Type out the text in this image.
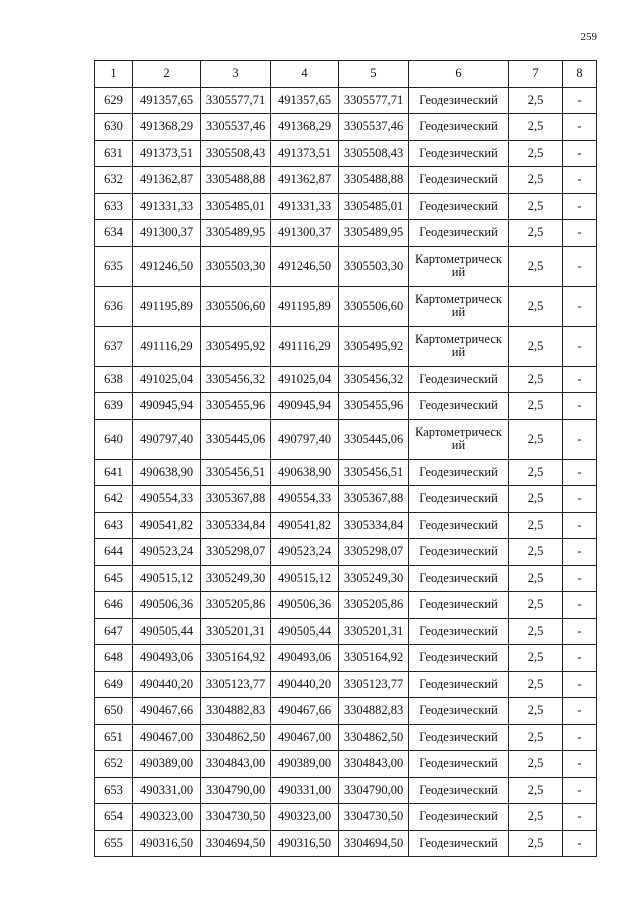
259
1	2	3	4	5	6	7	8
629	491357,65	3305577,71	491357,65	3305577,71	Геодезический	2,5	-
630	491368,29	3305537,46	491368,29	3305537,46	Геодезический	2,5	-
631	491373,51	3305508,43	491373,51	3305508,43	Геодезический	2,5	-
632	491362,87	3305488,88	491362,87	3305488,88	Геодезический	2,5	-
633	491331,33	3305485,01	491331,33	3305485,01	Геодезический	2,5	-
634	491300,37	3305489,95	491300,37	3305489,95	Геодезический	2,5	-
635	491246,50	3305503,30	491246,50	3305503,30	Картометрическ ий	2,5	-
636	491195,89	3305506,60	491195,89	3305506,60	Картометрическ ий	2,5	-
637	491116,29	3305495,92	491116,29	3305495,92	Картометрическ ий	2,5	-
638	491025,04	3305456,32	491025,04	3305456,32	Геодезический	2,5	-
639	490945,94	3305455,96	490945,94	3305455,96	Геодезический	2,5	-
640	490797,40	3305445,06	490797,40	3305445,06	Картометрическ ий	2,5	-
641	490638,90	3305456,51	490638,90	3305456,51	Геодезический	2,5	-
642	490554,33	3305367,88	490554,33	3305367,88	Геодезический	2,5	-
643	490541,82	3305334,84	490541,82	3305334,84	Геодезический	2,5	-
644	490523,24	3305298,07	490523,24	3305298,07	Геодезический	2,5	-
645	490515,12	3305249,30	490515,12	3305249,30	Геодезический	2,5	-
646	490506,36	3305205,86	490506,36	3305205,86	Геодезический	2,5	-
647	490505,44	3305201,31	490505,44	3305201,31	Геодезический	2,5	-
648	490493,06	3305164,92	490493,06	3305164,92	Геодезический	2,5	-
649	490440,20	3305123,77	490440,20	3305123,77	Геодезический	2,5	-
650	490467,66	3304882,83	490467,66	3304882,83	Геодезический	2,5	-
651	490467,00	3304862,50	490467,00	3304862,50	Геодезический	2,5	-
652	490389,00	3304843,00	490389,00	3304843,00	Геодезический	2,5	-
653	490331,00	3304790,00	490331,00	3304790,00	Геодезический	2,5	-
654	490323,00	3304730,50	490323,00	3304730,50	Геодезический	2,5	-
655	490316,50	3304694,50	490316,50	3304694,50	Геодезический	2,5	-
